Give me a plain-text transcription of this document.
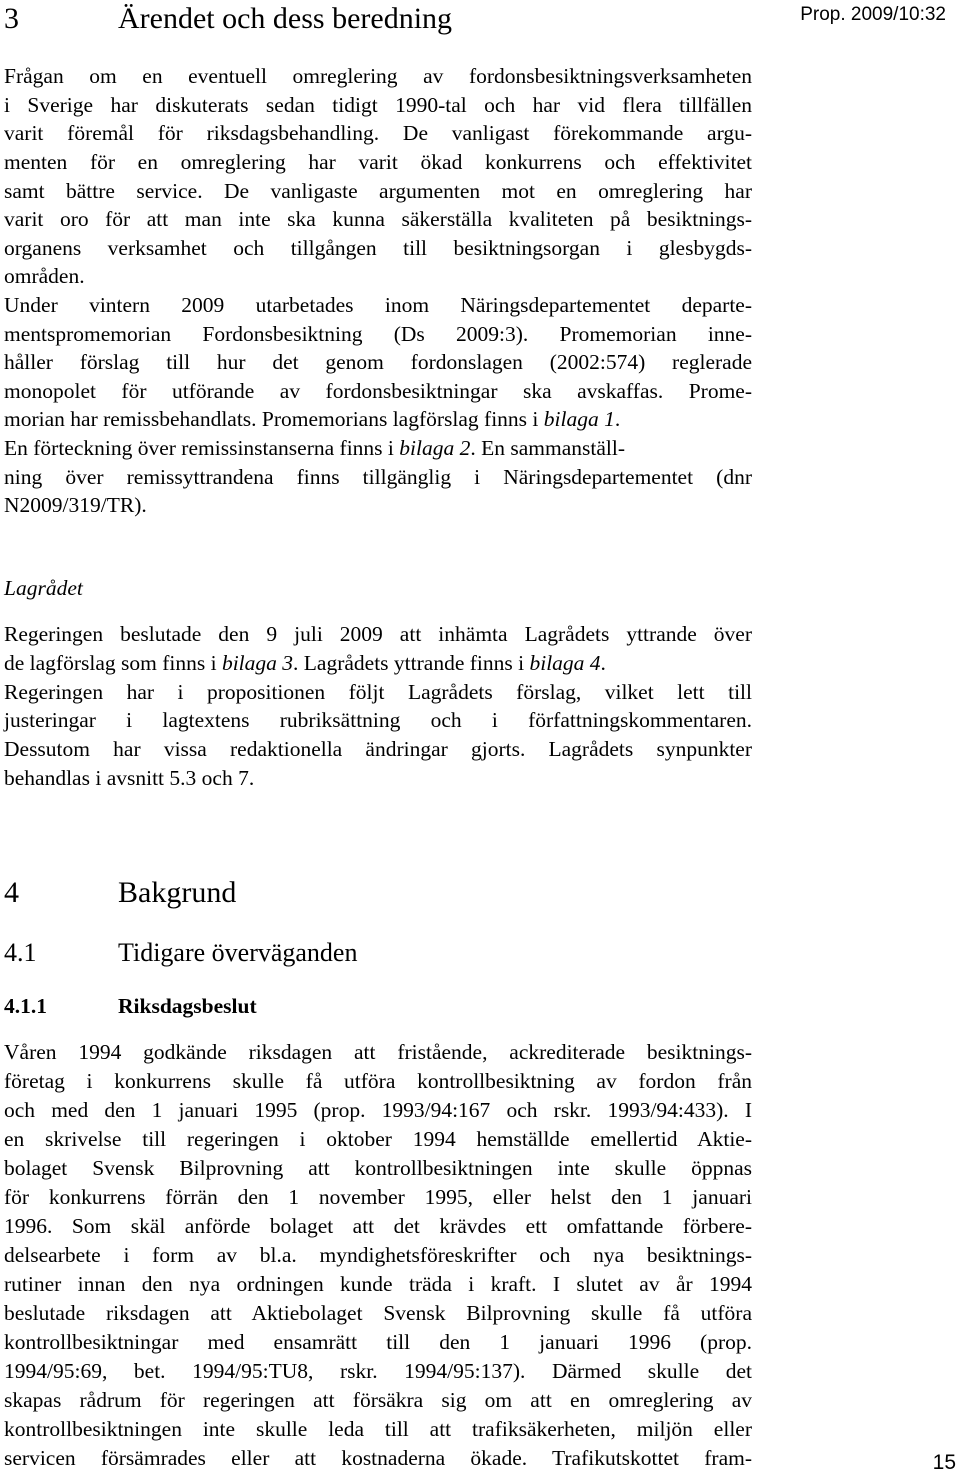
Prop. 2009/10:32
3	Ärendet och dess beredning
Frågan om en eventuell omreglering av fordonsbesiktningsverksamheten
i Sverige har diskuterats sedan tidigt 1990-tal och har vid flera tillfällen
varit föremål för riksdagsbehandling. De vanligast förekommande argu-
menten för en omreglering har varit ökad konkurrens och effektivitet
samt bättre service. De vanligaste argumenten mot en omreglering har
varit oro för att man inte ska kunna säkerställa kvaliteten på besiktnings-
organens verksamhet och tillgången till besiktningsorgan i glesbygds-
områden.
Under vintern 2009 utarbetades inom Näringsdepartementet departe-
mentspromemorian Fordonsbesiktning (Ds 2009:3). Promemorian inne-
håller förslag till hur det genom fordonslagen (2002:574) reglerade
monopolet för utförande av fordonsbesiktningar ska avskaffas. Prome-
morian har remissbehandlats. Promemorians lagförslag finns i bilaga 1.
En förteckning över remissinstanserna finns i bilaga 2. En sammanställ-
ning över remissyttrandena finns tillgänglig i Näringsdepartementet (dnr
N2009/319/TR).
Lagrådet
Regeringen beslutade den 9 juli 2009 att inhämta Lagrådets yttrande över
de lagförslag som finns i bilaga 3. Lagrådets yttrande finns i bilaga 4.
Regeringen har i propositionen följt Lagrådets förslag, vilket lett till
justeringar i lagtextens rubriksättning och i författningskommentaren.
Dessutom har vissa redaktionella ändringar gjorts. Lagrådets synpunkter
behandlas i avsnitt 5.3 och 7.
4	Bakgrund
4.1	Tidigare överväganden
4.1.1	Riksdagsbeslut
Våren 1994 godkände riksdagen att fristående, ackrediterade besiktnings-
företag i konkurrens skulle få utföra kontrollbesiktning av fordon från
och med den 1 januari 1995 (prop. 1993/94:167 och rskr. 1993/94:433). I
en skrivelse till regeringen i oktober 1994 hemställde emellertid Aktie-
bolaget Svensk Bilprovning att kontrollbesiktningen inte skulle öppnas
för konkurrens förrän den 1 november 1995, eller helst den 1 januari
1996. Som skäl anförde bolaget att det krävdes ett omfattande förbere-
delsearbete i form av bl.a. myndighetsföreskrifter och nya besiktnings-
rutiner innan den nya ordningen kunde träda i kraft. I slutet av år 1994
beslutade riksdagen att Aktiebolaget Svensk Bilprovning skulle få utföra
kontrollbesiktningar med ensamrätt till den 1 januari 1996 (prop.
1994/95:69, bet. 1994/95:TU8, rskr. 1994/95:137). Därmed skulle det
skapas rådrum för regeringen att försäkra sig om att en omreglering av
kontrollbesiktningen inte skulle leda till att trafiksäkerheten, miljön eller
servicen försämrades eller att kostnaderna ökade. Trafikutskottet fram-	15
